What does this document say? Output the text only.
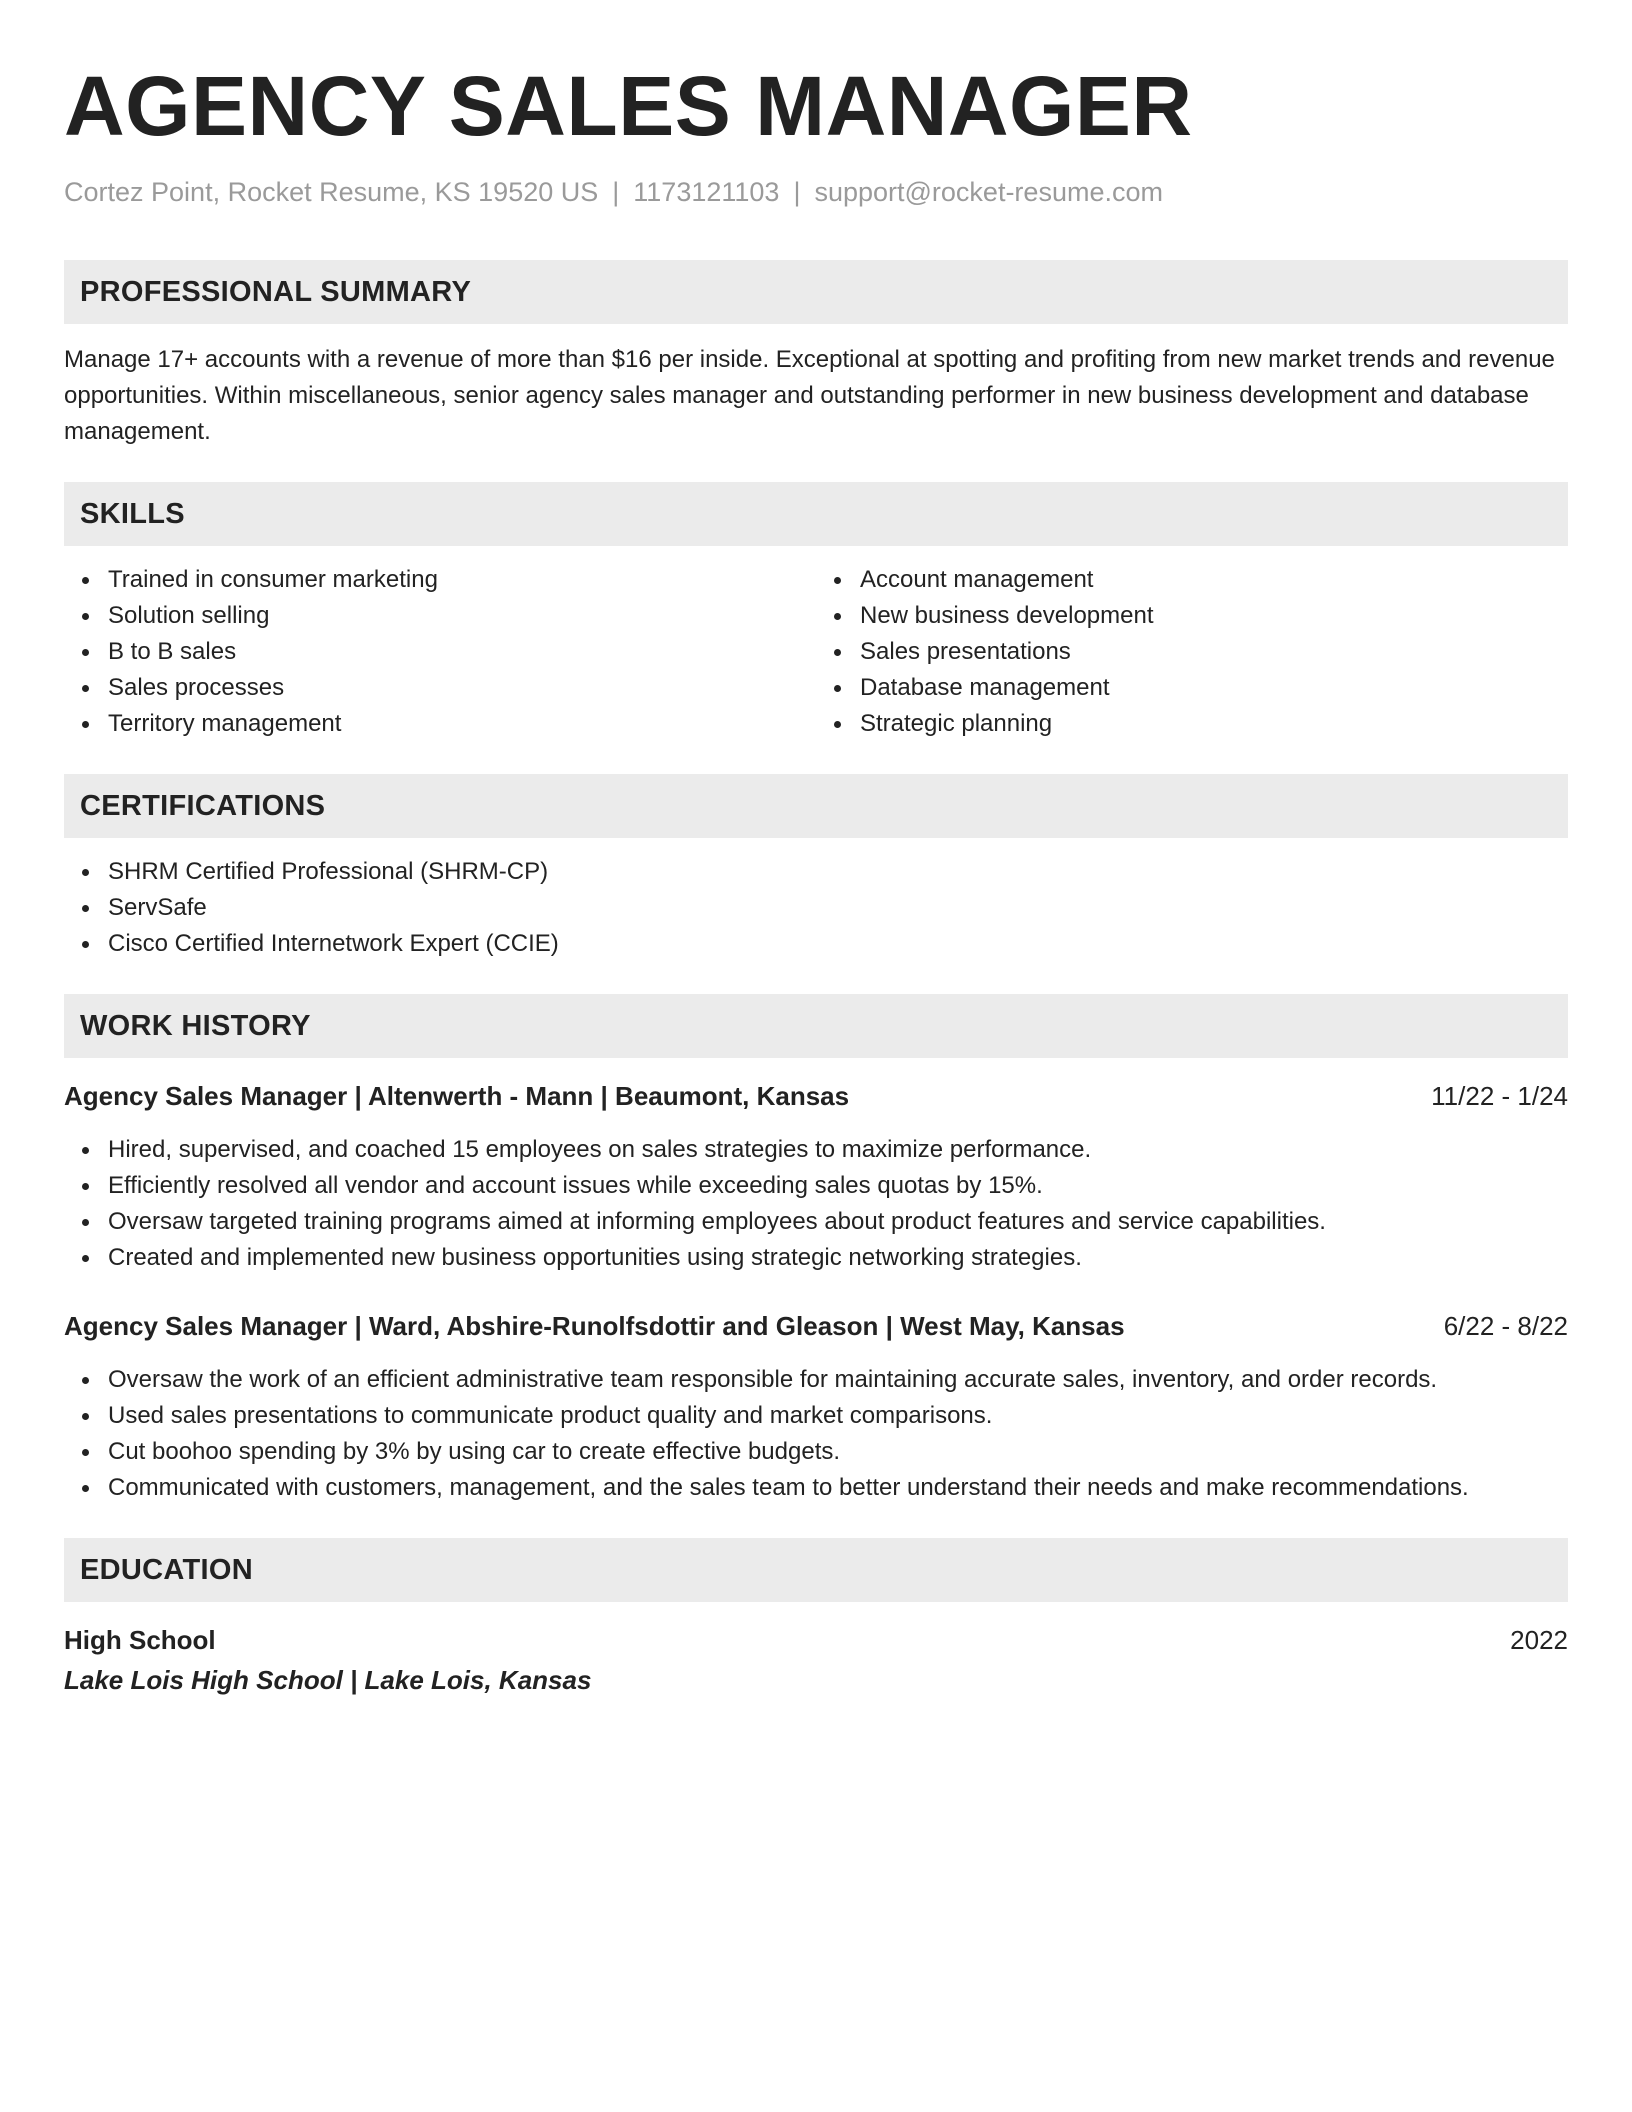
AGENCY SALES MANAGER
Cortez Point, Rocket Resume, KS 19520 US | 1173121103 | support@rocket-resume.com
PROFESSIONAL SUMMARY

Manage 17+ accounts with a revenue of more than $16 per inside. Exceptional at spotting and profiting from new market trends and revenue opportunities. Within miscellaneous, senior agency sales manager and outstanding performer in new business development and database management.

SKILLS
Trained in consumer marketing
Solution selling
B to B sales
Sales processes
Territory management
Account management
New business development
Sales presentations
Database management
Strategic planning
CERTIFICATIONS
SHRM Certified Professional (SHRM-CP)
ServSafe
Cisco Certified Internetwork Expert (CCIE)
WORK HISTORY
Agency Sales Manager | Altenwerth - Mann | Beaumont, Kansas	11/22 - 1/24
Hired, supervised, and coached 15 employees on sales strategies to maximize performance.
Efficiently resolved all vendor and account issues while exceeding sales quotas by 15%.
Oversaw targeted training programs aimed at informing employees about product features and service capabilities.
Created and implemented new business opportunities using strategic networking strategies.
Agency Sales Manager | Ward, Abshire-Runolfsdottir and Gleason | West May, Kansas	6/22 - 8/22
Oversaw the work of an efficient administrative team responsible for maintaining accurate sales, inventory, and order records.
Used sales presentations to communicate product quality and market comparisons.
Cut boohoo spending by 3% by using car to create effective budgets.
Communicated with customers, management, and the sales team to better understand their needs and make recommendations.
EDUCATION
High School	2022
Lake Lois High School | Lake Lois, Kansas
